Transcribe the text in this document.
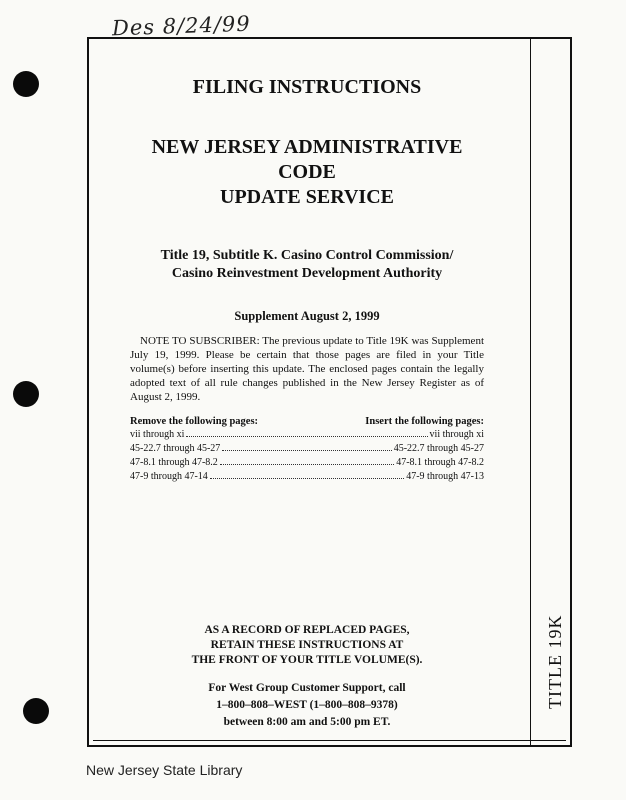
Des 8/24/99
TITLE 19K
FILING INSTRUCTIONS
NEW JERSEY ADMINISTRATIVE CODE
UPDATE SERVICE
Title 19, Subtitle K. Casino Control Commission/
Casino Reinvestment Development Authority
Supplement August 2, 1999
NOTE TO SUBSCRIBER: The previous update to Title 19K was Supplement July 19, 1999. Please be certain that those pages are filed in your Title volume(s) before inserting this update. The enclosed pages contain the legally adopted text of all rule changes published in the New Jersey Register as of August 2, 1999.
Remove the following pages:	Insert the following pages:
vii through xi	vii through xi
45-22.7 through 45-27	45-22.7 through 45-27
47-8.1 through 47-8.2	47-8.1 through 47-8.2
47-9 through 47-14	47-9 through 47-13
AS A RECORD OF REPLACED PAGES,
RETAIN THESE INSTRUCTIONS AT
THE FRONT OF YOUR TITLE VOLUME(S).
For West Group Customer Support, call
1–800–808–WEST (1–800–808–9378)
between 8:00 am and 5:00 pm ET.
New Jersey State Library
